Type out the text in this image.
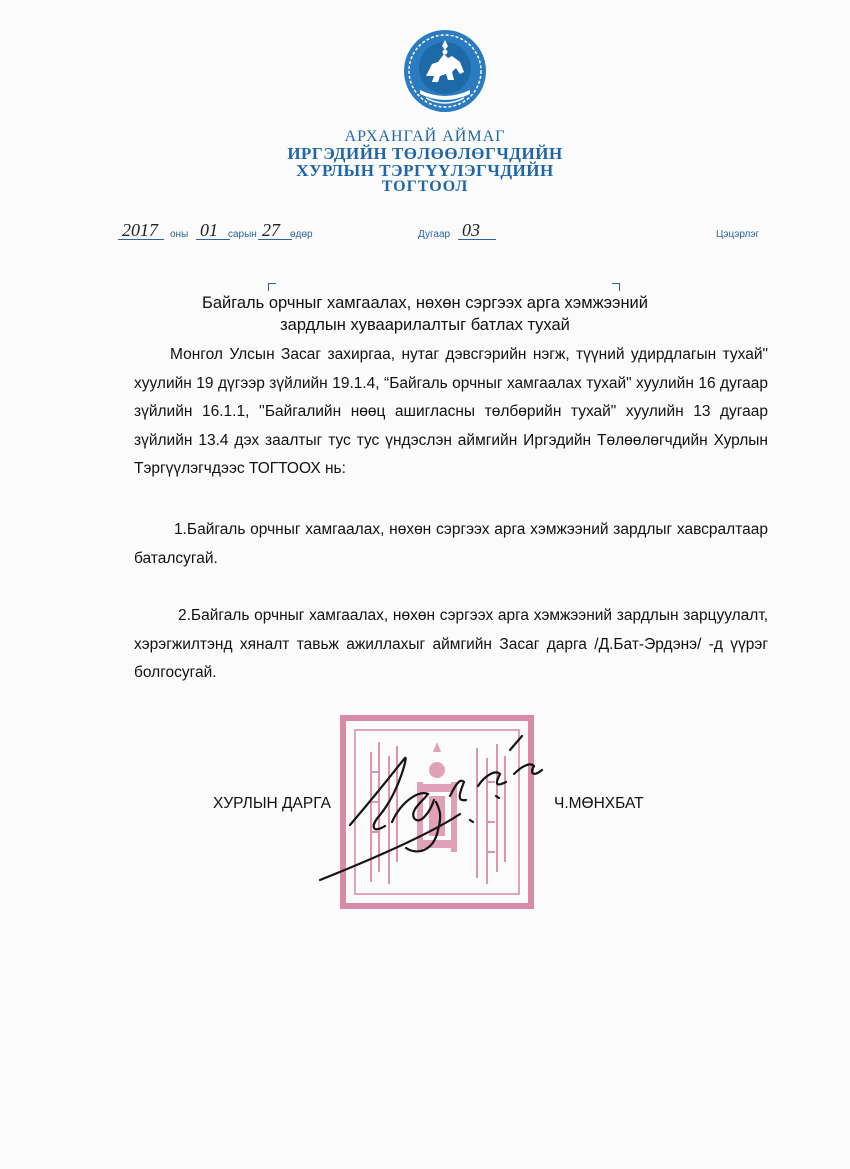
АРХАНГАЙ АЙМАГ
ИРГЭДИЙН ТӨЛӨӨЛӨГЧДИЙН
ХУРЛЫН ТЭРГҮҮЛЭГЧДИЙН
ТОГТООЛ
2017	оны 01	сарын 27	өдөр	Дугаар 03	Цэцэрлэг
Байгаль орчныг хамгаалах, нөхөн сэргээх арга хэмжээний
зардлын хуваарилалтыг батлах тухай
Монгол Улсын Засаг захиргаа, нутаг дэвсгэрийн нэгж, түүний удирдлагын тухай" хуулийн 19 дүгээр зүйлийн 19.1.4, “Байгаль орчныг хамгаалах тухай" хуулийн 16 дугаар зүйлийн 16.1.1, ''Байгалийн нөөц ашигласны төлбөрийн тухай" хуулийн 13 дугаар зүйлийн 13.4 дэх заалтыг тус тус үндэслэн аймгийн Иргэдийн Төлөөлөгчдийн Хурлын Тэргүүлэгчдээс ТОГТООХ нь:
1.Байгаль орчныг хамгаалах, нөхөн сэргээх арга хэмжээний зардлыг хавсралтаар баталсугай.
2.Байгаль орчныг хамгаалах, нөхөн сэргээх арга хэмжээний зардлын зарцуулалт, хэрэгжилтэнд хяналт тавьж ажиллахыг аймгийн Засаг дарга /Д.Бат-Эрдэнэ/ -д үүрэг болгосугай.
ХУРЛЫН ДАРГА	Ч.МӨНХБАТ
